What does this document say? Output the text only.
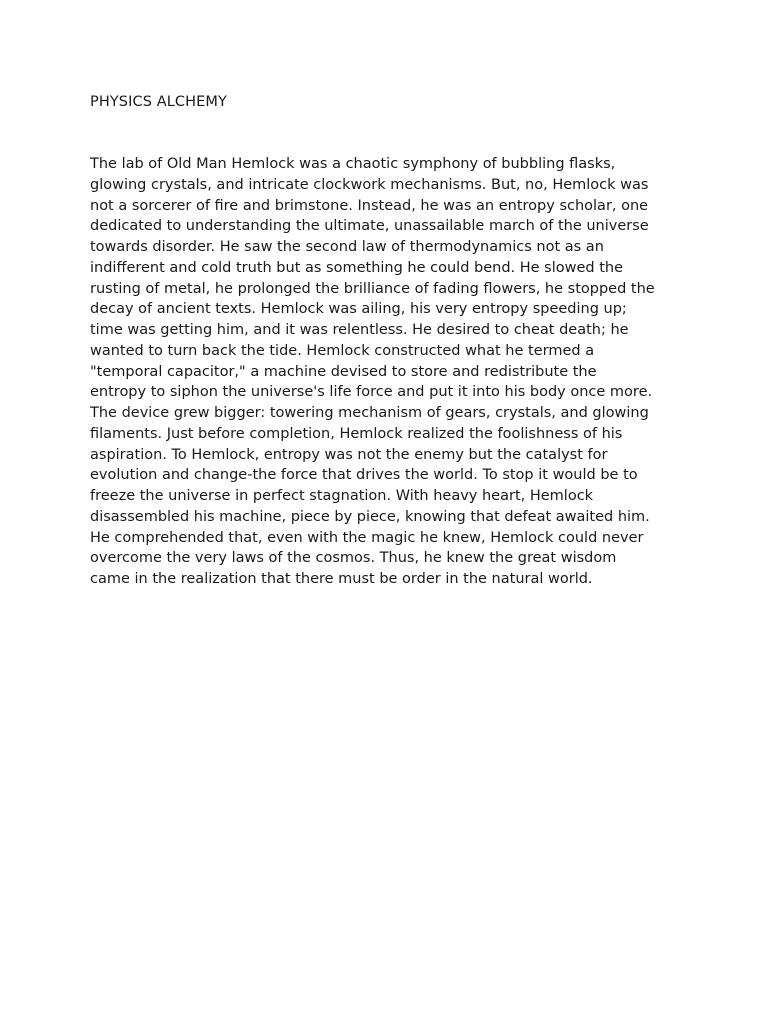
PHYSICS ALCHEMY
The lab of Old Man Hemlock was a chaotic symphony of bubbling flasks,
glowing crystals, and intricate clockwork mechanisms. But, no, Hemlock was
not a sorcerer of fire and brimstone. Instead, he was an entropy scholar, one
dedicated to understanding the ultimate, unassailable march of the universe
towards disorder. He saw the second law of thermodynamics not as an
indifferent and cold truth but as something he could bend. He slowed the
rusting of metal, he prolonged the brilliance of fading flowers, he stopped the
decay of ancient texts. Hemlock was ailing, his very entropy speeding up;
time was getting him, and it was relentless. He desired to cheat death; he
wanted to turn back the tide. Hemlock constructed what he termed a
"temporal capacitor," a machine devised to store and redistribute the
entropy to siphon the universe's life force and put it into his body once more.
The device grew bigger: towering mechanism of gears, crystals, and glowing
filaments. Just before completion, Hemlock realized the foolishness of his
aspiration. To Hemlock, entropy was not the enemy but the catalyst for
evolution and change-the force that drives the world. To stop it would be to
freeze the universe in perfect stagnation. With heavy heart, Hemlock
disassembled his machine, piece by piece, knowing that defeat awaited him.
He comprehended that, even with the magic he knew, Hemlock could never
overcome the very laws of the cosmos. Thus, he knew the great wisdom
came in the realization that there must be order in the natural world.
